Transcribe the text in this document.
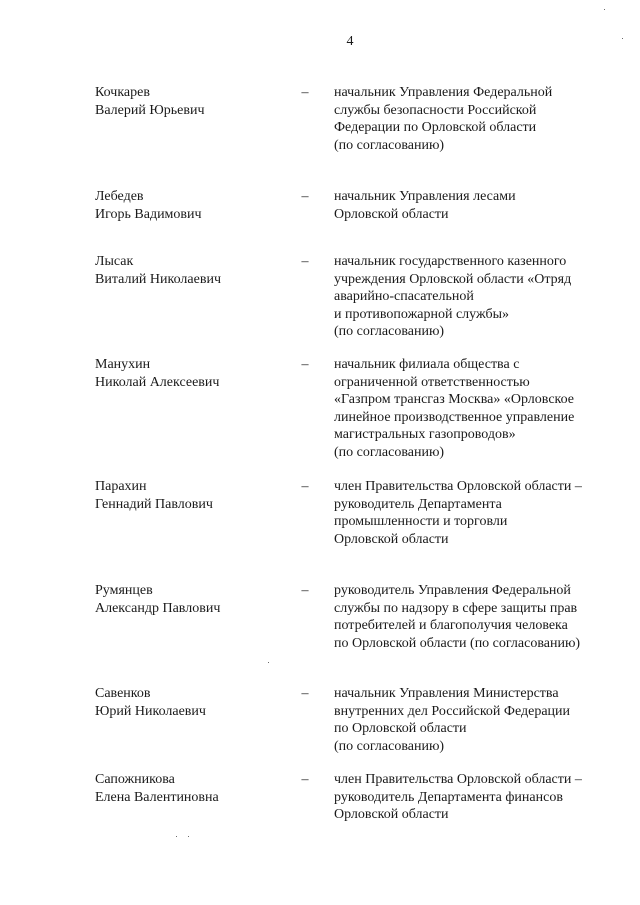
4
Кочкарев
Валерий Юрьевич
– начальник Управления Федеральной
службы безопасности Российской
Федерации по Орловской области
(по согласованию)
Лебедев
Игорь Вадимович
– начальник Управления лесами
Орловской области
Лысак
Виталий Николаевич
– начальник государственного казенного
учреждения Орловской области «Отряд
аварийно-спасательной
и противопожарной службы»
(по согласованию)
Манухин
Николай Алексеевич
– начальник филиала общества с
ограниченной ответственностью
«Газпром трансгаз Москва» «Орловское
линейное производственное управление
магистральных газопроводов»
(по согласованию)
Парахин
Геннадий Павлович
– член Правительства Орловской области –
руководитель Департамента
промышленности и торговли
Орловской области
Румянцев
Александр Павлович
– руководитель Управления Федеральной
службы по надзору в сфере защиты прав
потребителей и благополучия человека
по Орловской области (по согласованию)
Савенков
Юрий Николаевич
– начальник Управления Министерства
внутренних дел Российской Федерации
по Орловской области
(по согласованию)
Сапожникова
Елена Валентиновна
– член Правительства Орловской области –
руководитель Департамента финансов
Орловской области
